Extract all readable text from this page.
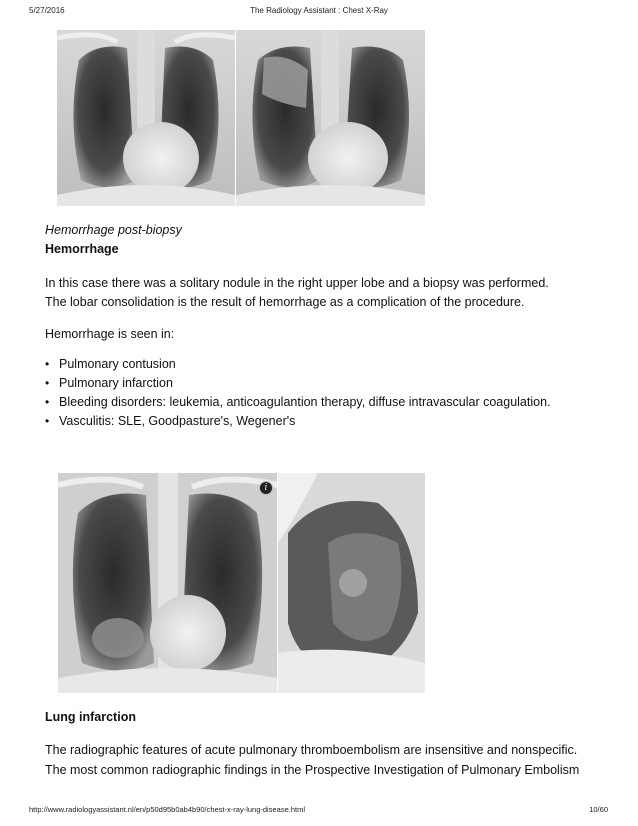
5/27/2016	The Radiology Assistant : Chest X-Ray
Hemorrhage post-biopsy
Hemorrhage
In this case there was a solitary nodule in the right upper lobe and a biopsy was performed.
The lobar consolidation is the result of hemorrhage as a complication of the procedure.
Hemorrhage is seen in:
• Pulmonary contusion
• Pulmonary infarction
• Bleeding disorders: leukemia, anticoagulantion therapy, diffuse intravascular coagulation.
• Vasculitis: SLE, Goodpasture's, Wegener's
i
Lung infarction
The radiographic features of acute pulmonary thromboembolism are insensitive and nonspecific.
The most common radiographic findings in the Prospective Investigation of Pulmonary Embolism
http://www.radiologyassistant.nl/en/p50d95b0ab4b90/chest-x-ray-lung-disease.html	10/60
